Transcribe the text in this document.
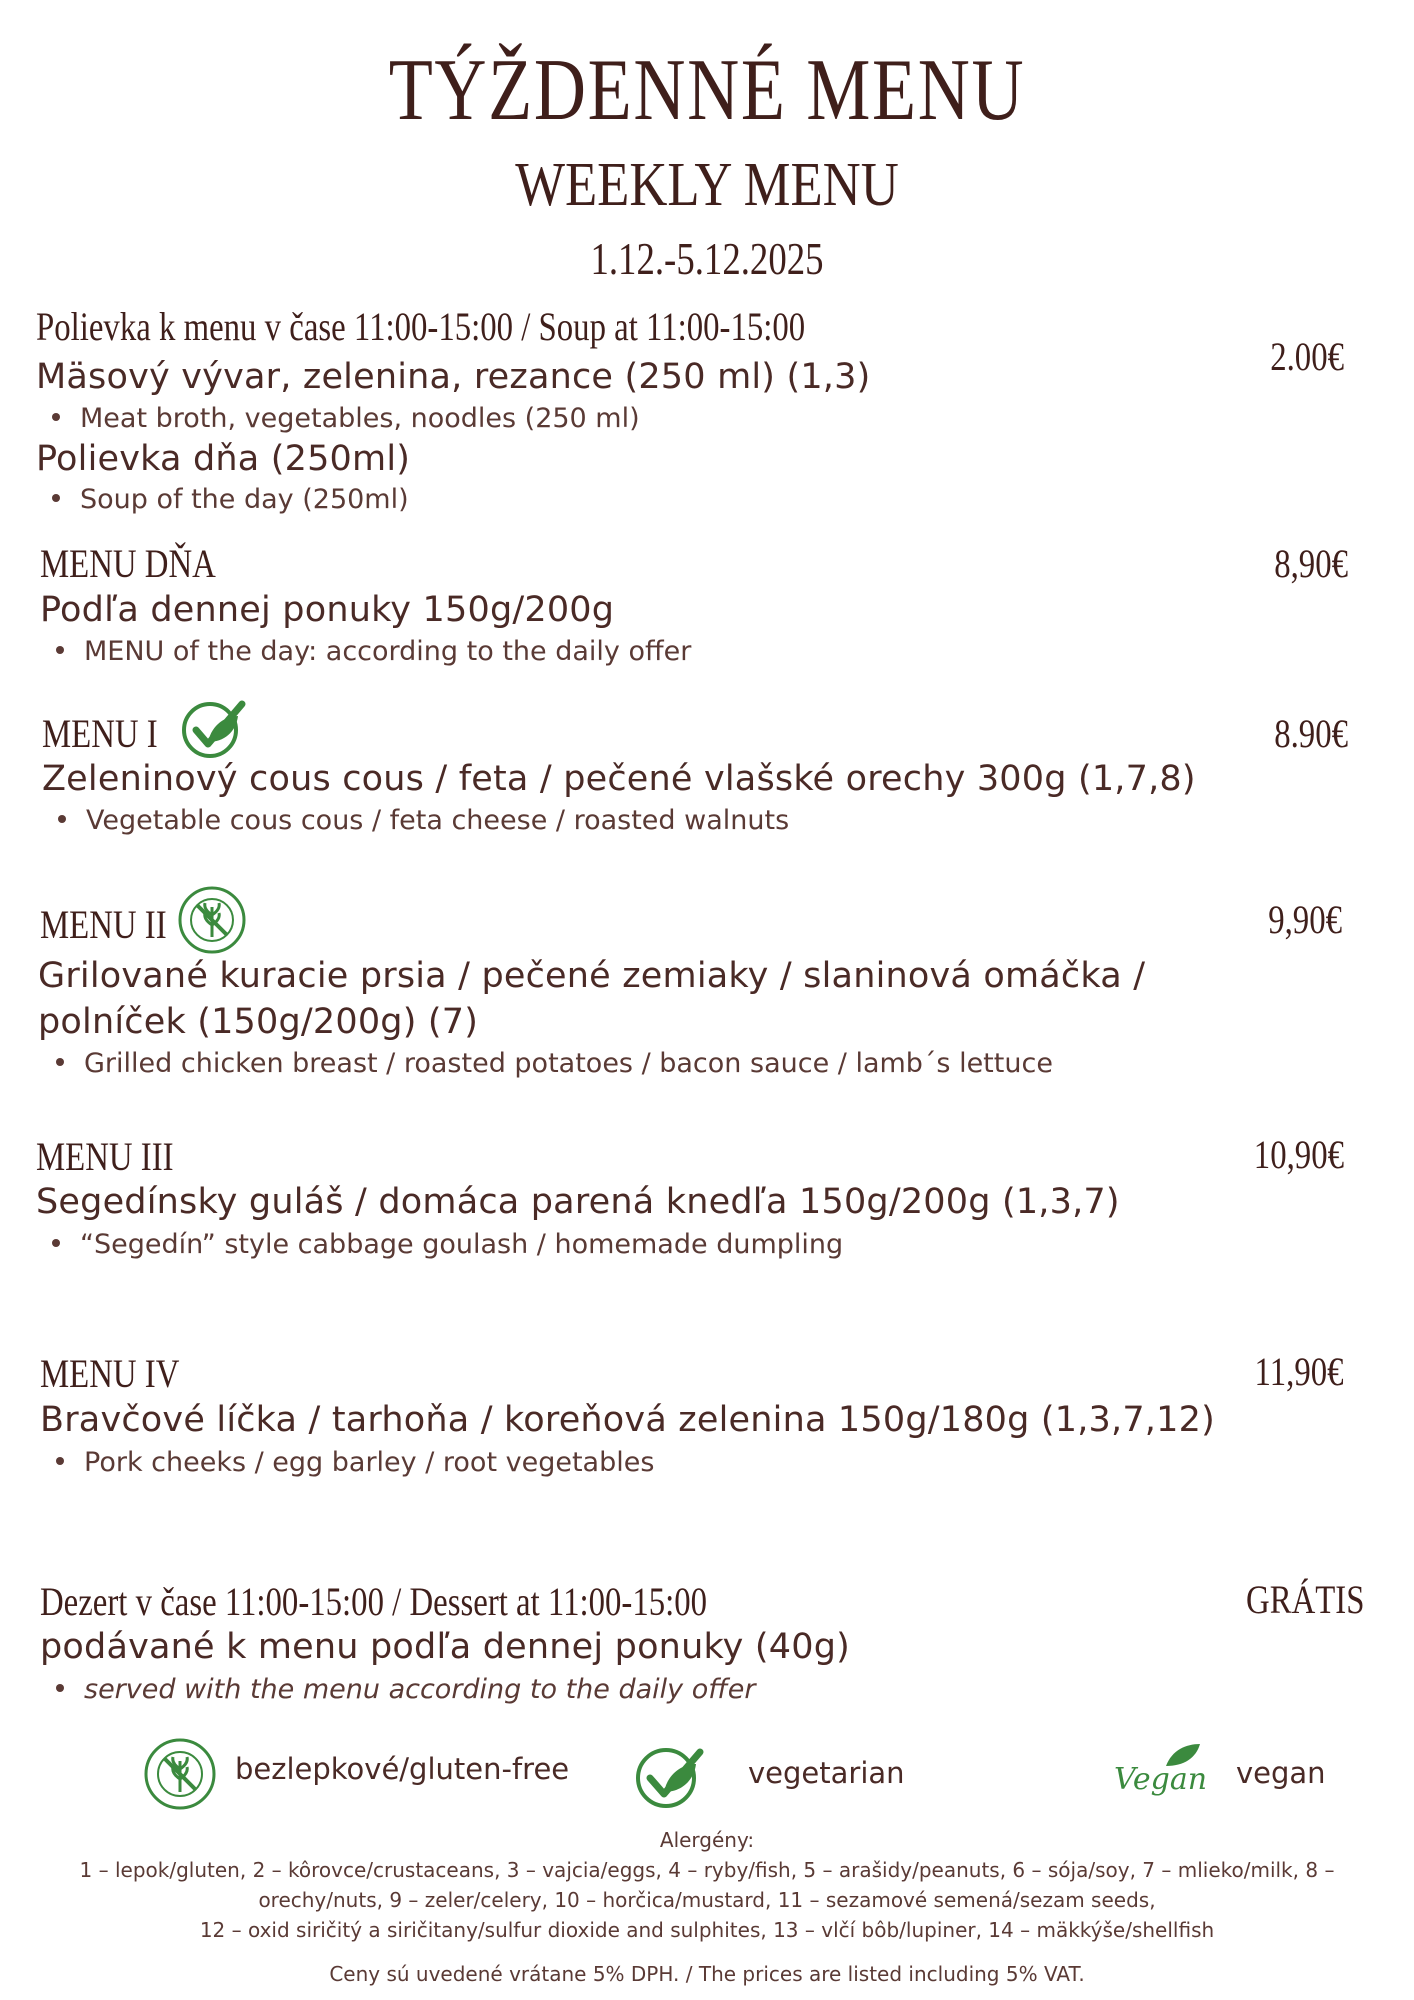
TÝŽDENNÉ MENU
WEEKLY MENU
1.12.-5.12.2025
Polievka k menu v čase 11:00-15:00 / Soup at 11:00-15:00
2.00€
Mäsový vývar, zelenina, rezance (250 ml) (1,3)
Meat broth, vegetables, noodles (250 ml)
Polievka dňa (250ml)
Soup of the day (250ml)
MENU DŇA	8,90€
Podľa dennej ponuky 150g/200g
MENU of the day: according to the daily offer
MENU I	8.90€
Zeleninový cous cous / feta / pečené vlašské orechy 300g (1,7,8)
Vegetable cous cous / feta cheese / roasted walnuts
MENU II	9,90€
Grilované kuracie prsia / pečené zemiaky / slaninová omáčka / polníček (150g/200g) (7)
Grilled chicken breast / roasted potatoes / bacon sauce / lamb´s lettuce
MENU III	10,90€
Segedínsky guláš / domáca parená knedľa 150g/200g (1,3,7)
“Segedín” style cabbage goulash / homemade dumpling
MENU IV	11,90€
Bravčové líčka / tarhoňa / koreňová zelenina 150g/180g (1,3,7,12)
Pork cheeks / egg barley / root vegetables
Dezert v čase 11:00-15:00 / Dessert at 11:00-15:00	GRÁTIS
podávané k menu podľa dennej ponuky (40g)
served with the menu according to the daily offer
bezlepkové/gluten-free	vegetarian	Vegan vegan
Alergény:
1 – lepok/gluten, 2 – kôrovce/crustaceans, 3 – vajcia/eggs, 4 – ryby/fish, 5 – arašidy/peanuts, 6 – sója/soy, 7 – mlieko/milk, 8 –
orechy/nuts, 9 – zeler/celery, 10 – horčica/mustard, 11 – sezamové semená/sezam seeds,
12 – oxid siričitý a siričitany/sulfur dioxide and sulphites, 13 – vlčí bôb/lupiner, 14 – mäkkýše/shellfish
Ceny sú uvedené vrátane 5% DPH. / The prices are listed including 5% VAT.
